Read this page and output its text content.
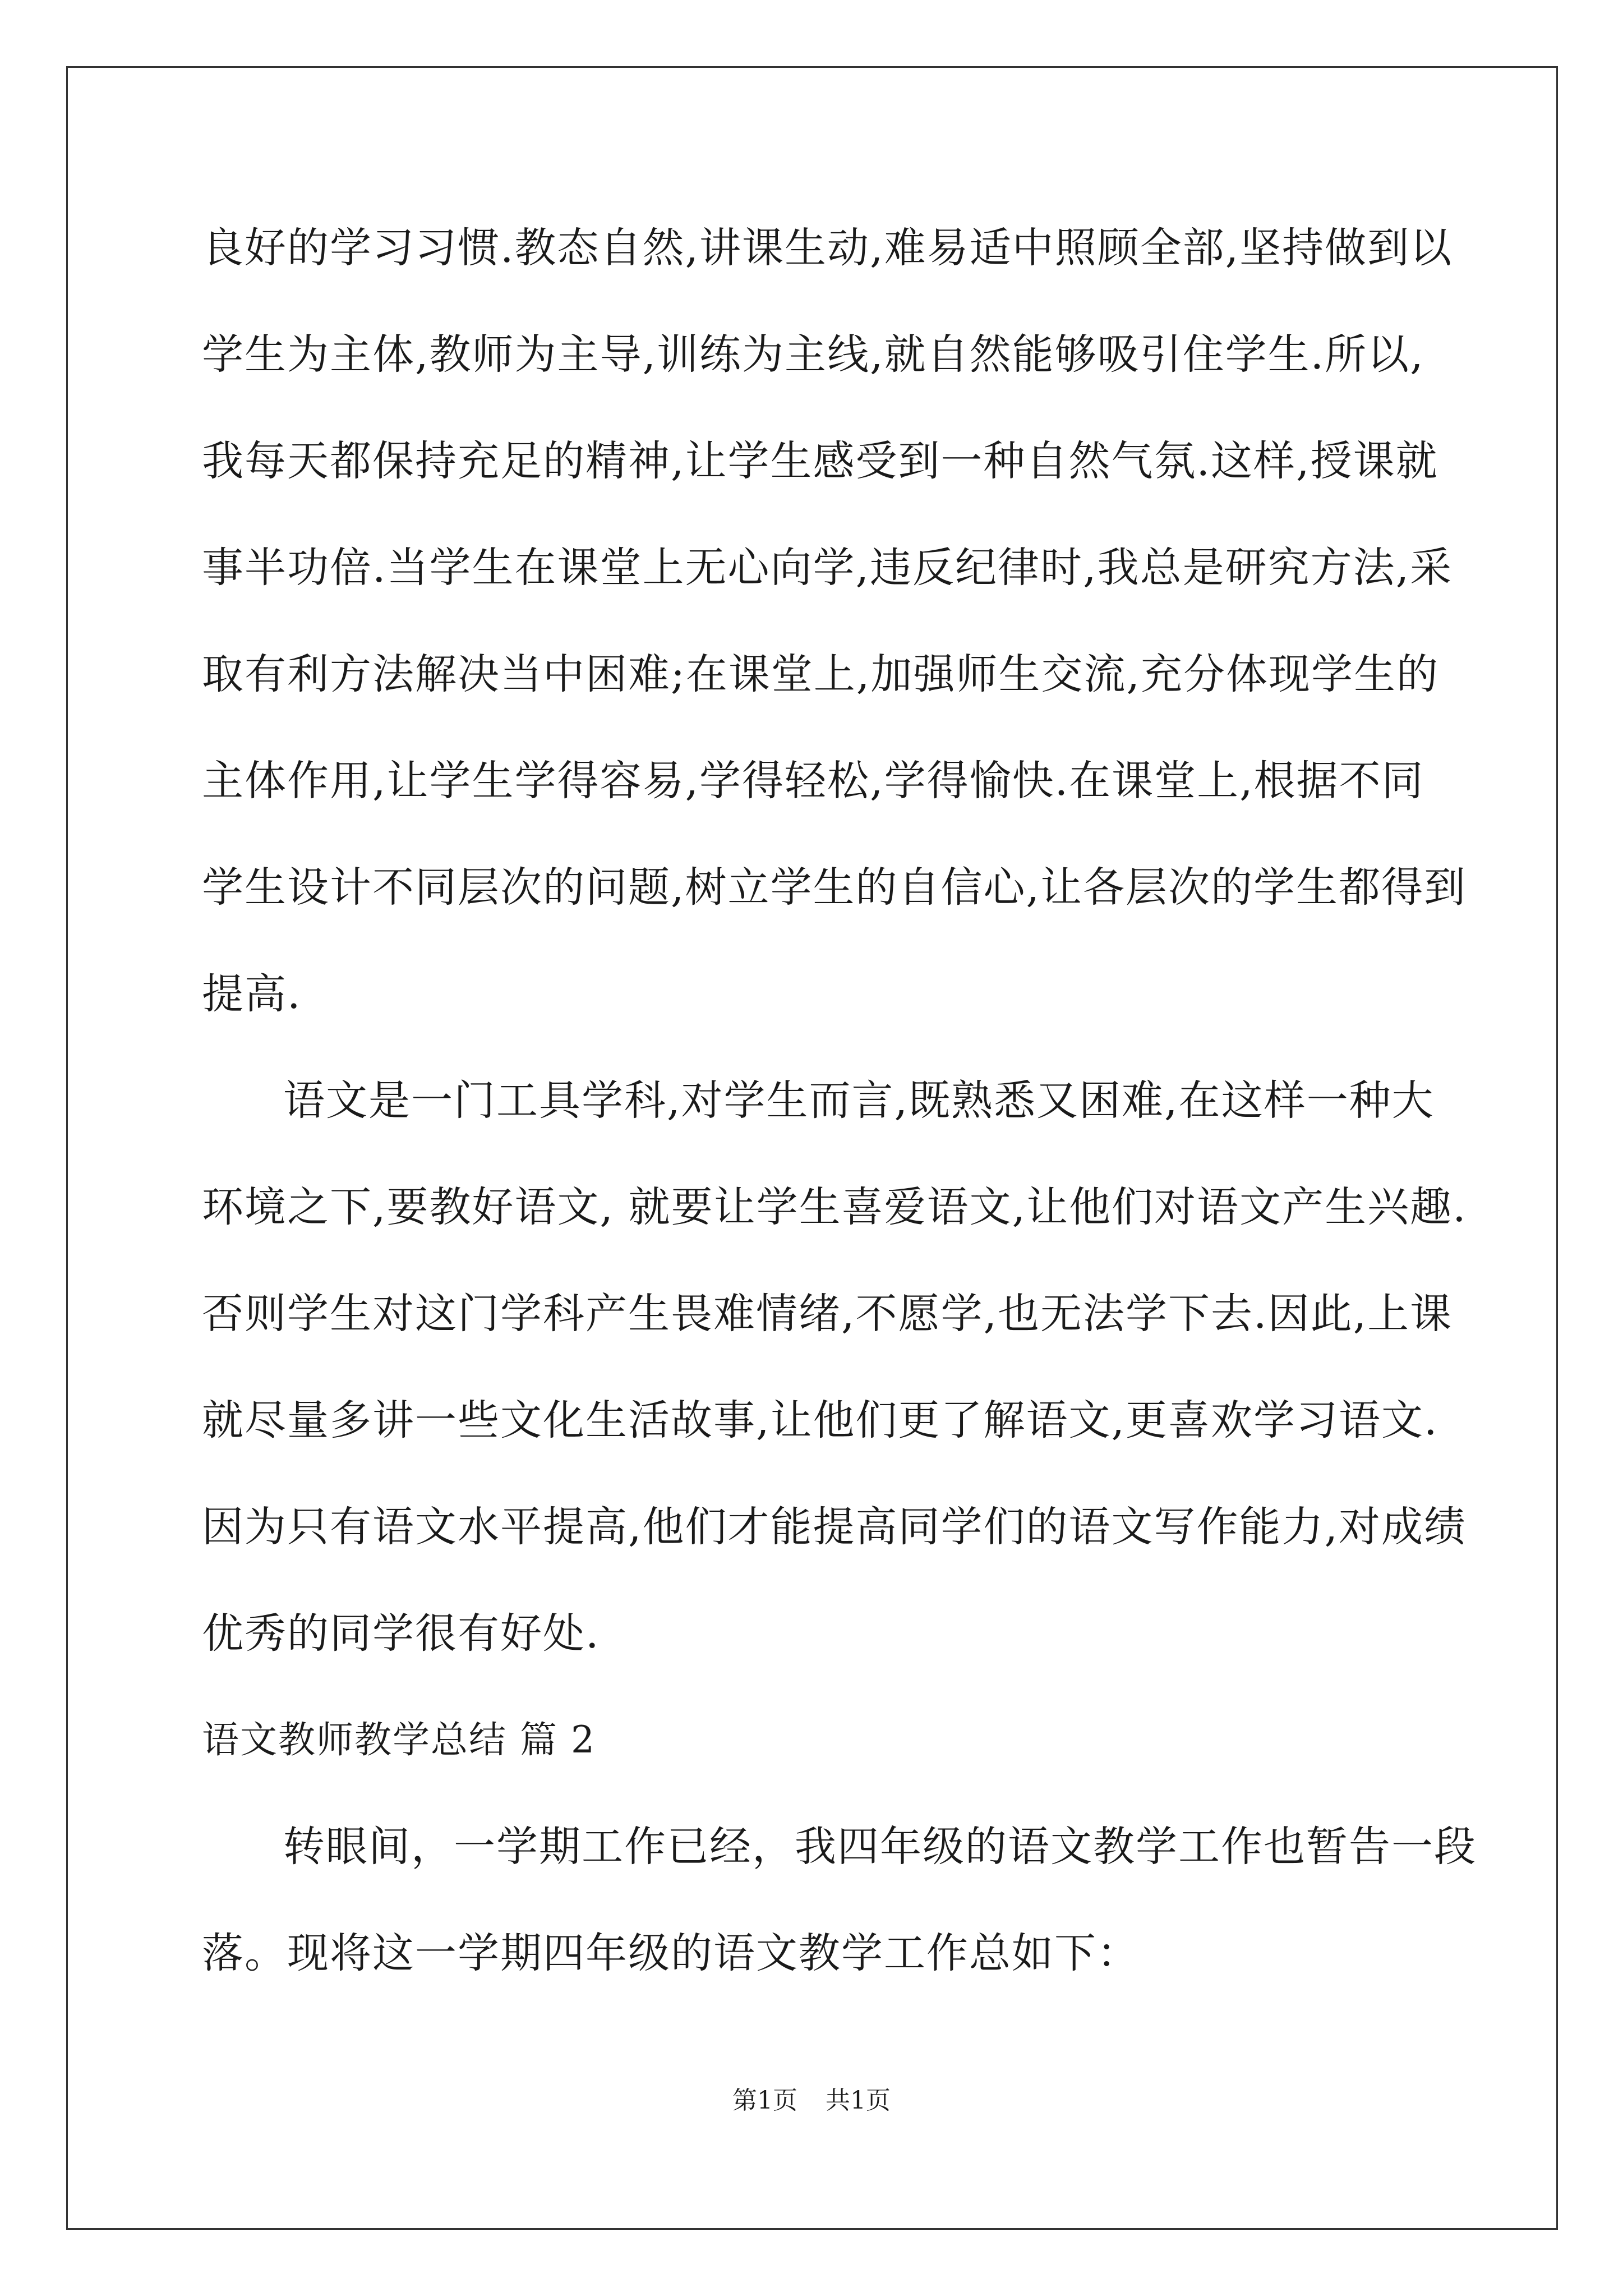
良好的学习习惯.教态自然,讲课生动,难易适中照顾全部,坚持做到以
学生为主体,教师为主导,训练为主线,就自然能够吸引住学生.所以,
我每天都保持充足的精神,让学生感受到一种自然气氛.这样,授课就
事半功倍.当学生在课堂上无心向学,违反纪律时,我总是研究方法,采
取有利方法解决当中困难;在课堂上,加强师生交流,充分体现学生的
主体作用,让学生学得容易,学得轻松,学得愉快.在课堂上,根据不同
学生设计不同层次的问题,树立学生的自信心,让各层次的学生都得到
提高.
语文是一门工具学科,对学生而言,既熟悉又困难,在这样一种大
环境之下,要教好语文, 就要让学生喜爱语文,让他们对语文产生兴趣.
否则学生对这门学科产生畏难情绪,不愿学,也无法学下去.因此,上课
就尽量多讲一些文化生活故事,让他们更了解语文,更喜欢学习语文.
因为只有语文水平提高,他们才能提高同学们的语文写作能力,对成绩
优秀的同学很有好处.
语文教师教学总结 篇 2
转眼间，一学期工作已经，我四年级的语文教学工作也暂告一段
落。现将这一学期四年级的语文教学工作总如下：
第1页 共1页
